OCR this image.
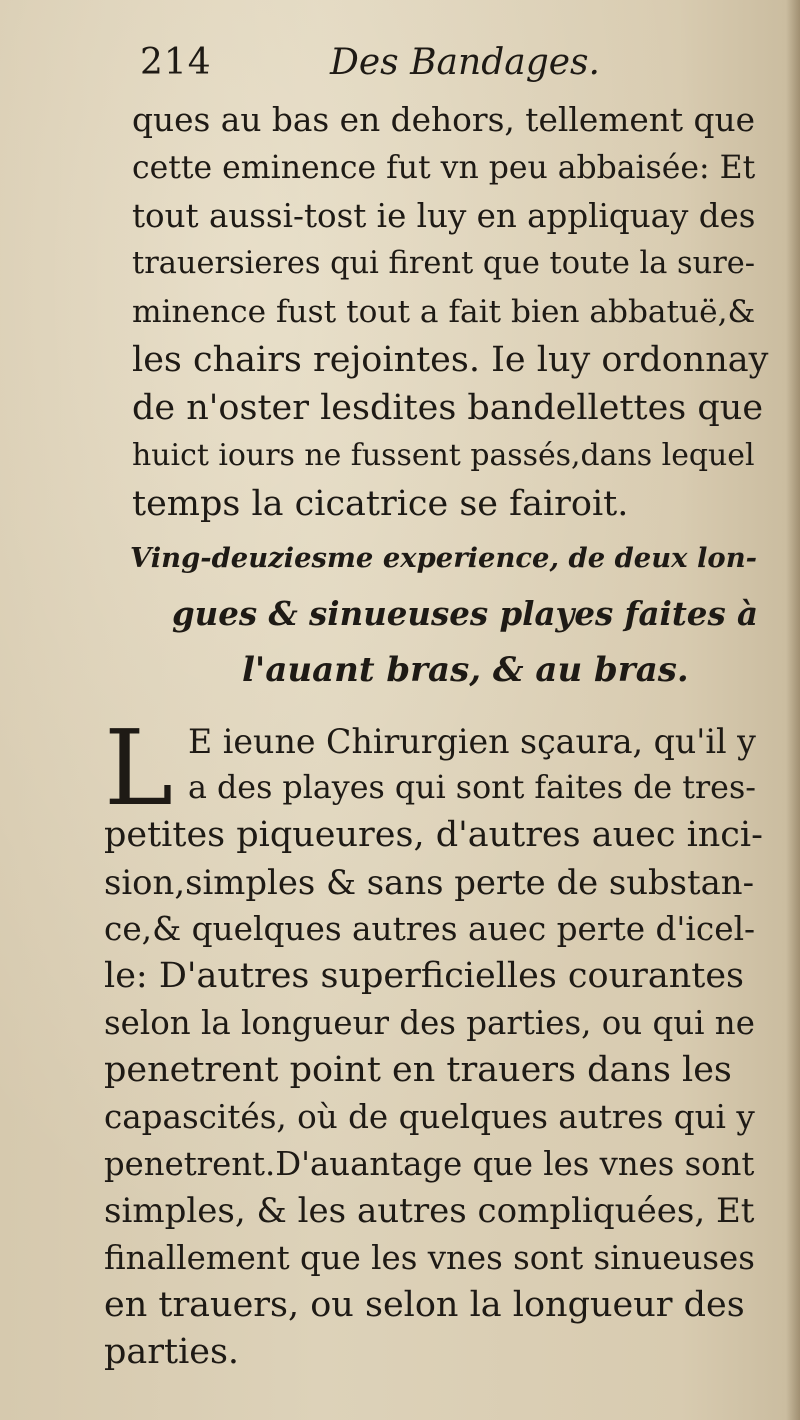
214	Des Bandages.
ques au bas en dehors, tellement que
cette eminence fut vn peu abbaisée: Et
tout aussi-tost ie luy en appliquay des
trauersieres qui firent que toute la sure-
minence fust tout a fait bien abbatuë,&
les chairs rejointes. Ie luy ordonnay
de n'oster lesdites bandellettes que
huict iours ne fussent passés,dans lequel
temps la cicatrice se fairoit.
Ving-deuziesme experience, de deux lon-
gues & sinueuses playes faites à
l'auant bras, & au bras.
L E ieune Chirurgien sçaura, qu'il y
a des playes qui sont faites de tres-
petites piqueures, d'autres auec inci-
sion,simples & sans perte de substan-
ce,& quelques autres auec perte d'icel-
le: D'autres superficielles courantes
selon la longueur des parties, ou qui ne
penetrent point en trauers dans les
capascités, où de quelques autres qui y
penetrent.D'auantage que les vnes sont
simples, & les autres compliquées, Et
finallement que les vnes sont sinueuses
en trauers, ou selon la longueur des
parties.
